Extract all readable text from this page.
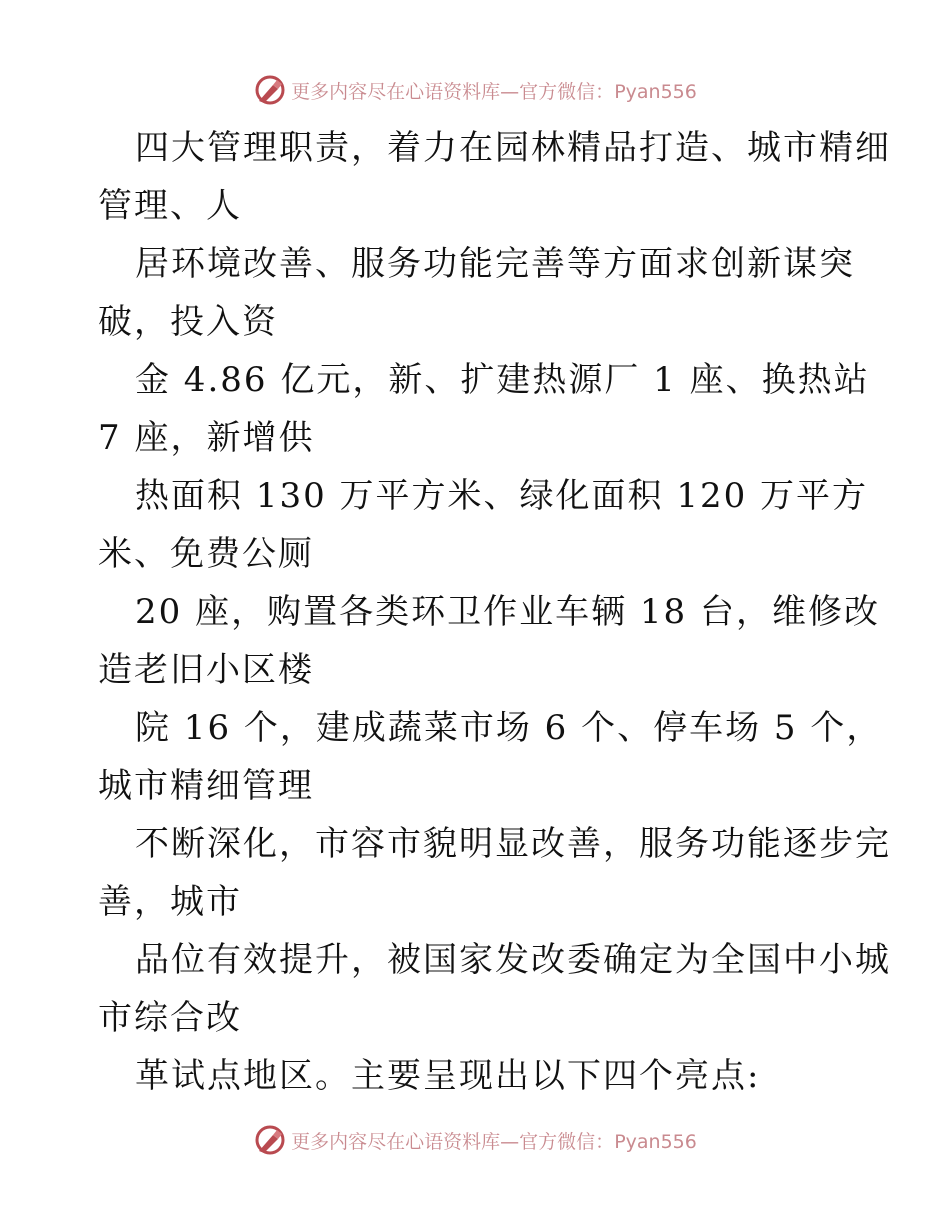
更多内容尽在心语资料库—官方微信：Pyan556
四大管理职责，着力在园林精品打造、城市精细
管理、人
居环境改善、服务功能完善等方面求创新谋突
破，投入资
金 4.86 亿元，新、扩建热源厂 1 座、换热站
7 座，新增供
热面积 130 万平方米、绿化面积 120 万平方
米、免费公厕
20 座，购置各类环卫作业车辆 18 台，维修改
造老旧小区楼
院 16 个，建成蔬菜市场 6 个、停车场 5 个，
城市精细管理
不断深化，市容市貌明显改善，服务功能逐步完
善，城市
品位有效提升，被国家发改委确定为全国中小城
市综合改
革试点地区。主要呈现出以下四个亮点:
更多内容尽在心语资料库—官方微信：Pyan556
